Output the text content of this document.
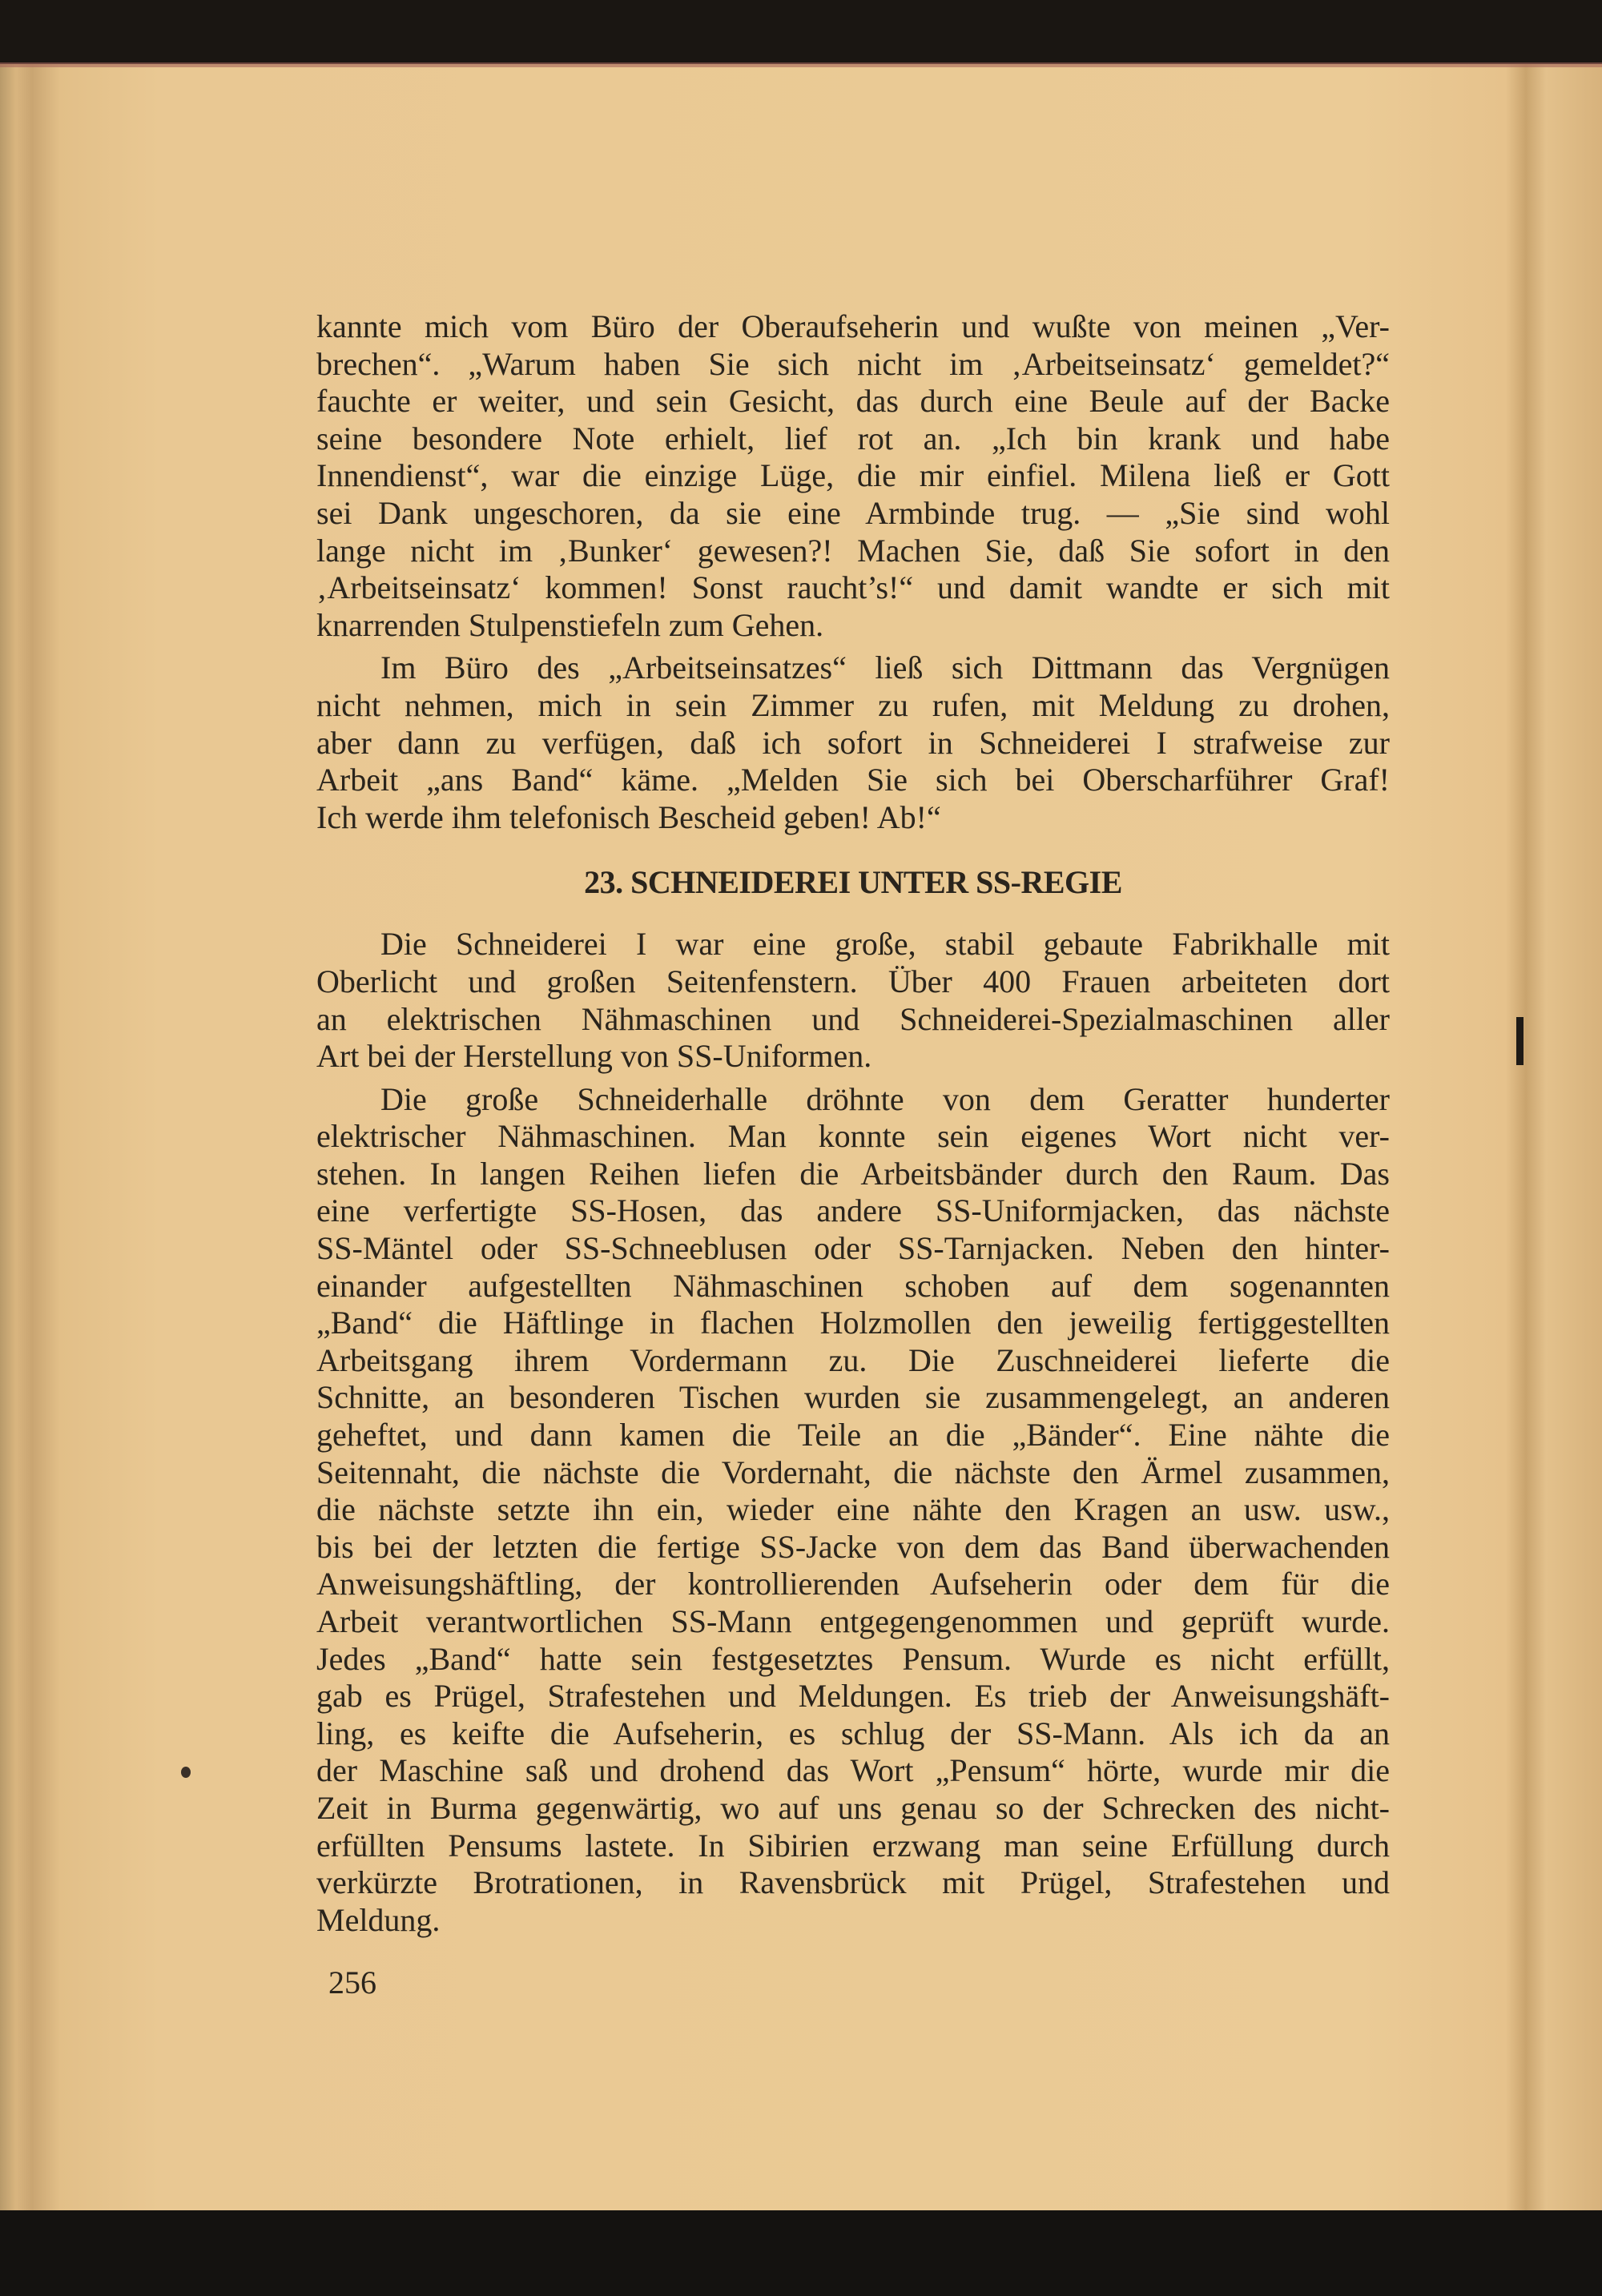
kannte mich vom Büro der Oberaufseherin und wußte von meinen „Ver-
brechen“. „Warum haben Sie sich nicht im ‚Arbeitseinsatz‘ gemeldet?“
fauchte er weiter, und sein Gesicht, das durch eine Beule auf der Backe
seine besondere Note erhielt, lief rot an. „Ich bin krank und habe
Innendienst“, war die einzige Lüge, die mir einfiel. Milena ließ er Gott
sei Dank ungeschoren, da sie eine Armbinde trug. — „Sie sind wohl
lange nicht im ‚Bunker‘ gewesen?! Machen Sie, daß Sie sofort in den
‚Arbeitseinsatz‘ kommen! Sonst raucht’s!“ und damit wandte er sich mit
knarrenden Stulpenstiefeln zum Gehen.
Im Büro des „Arbeitseinsatzes“ ließ sich Dittmann das Vergnügen
nicht nehmen, mich in sein Zimmer zu rufen, mit Meldung zu drohen,
aber dann zu verfügen, daß ich sofort in Schneiderei I strafweise zur
Arbeit „ans Band“ käme. „Melden Sie sich bei Oberscharführer Graf!
Ich werde ihm telefonisch Bescheid geben! Ab!“
23. SCHNEIDEREI UNTER SS-REGIE
Die Schneiderei I war eine große, stabil gebaute Fabrikhalle mit
Oberlicht und großen Seitenfenstern. Über 400 Frauen arbeiteten dort
an elektrischen Nähmaschinen und Schneiderei-Spezialmaschinen aller
Art bei der Herstellung von SS-Uniformen.
Die große Schneiderhalle dröhnte von dem Geratter hunderter
elektrischer Nähmaschinen. Man konnte sein eigenes Wort nicht ver-
stehen. In langen Reihen liefen die Arbeitsbänder durch den Raum. Das
eine verfertigte SS-Hosen, das andere SS-Uniformjacken, das nächste
SS-Mäntel oder SS-Schneeblusen oder SS-Tarnjacken. Neben den hinter-
einander aufgestellten Nähmaschinen schoben auf dem sogenannten
„Band“ die Häftlinge in flachen Holzmollen den jeweilig fertiggestellten
Arbeitsgang ihrem Vordermann zu. Die Zuschneiderei lieferte die
Schnitte, an besonderen Tischen wurden sie zusammengelegt, an anderen
geheftet, und dann kamen die Teile an die „Bänder“. Eine nähte die
Seitennaht, die nächste die Vordernaht, die nächste den Ärmel zusammen,
die nächste setzte ihn ein, wieder eine nähte den Kragen an usw. usw.,
bis bei der letzten die fertige SS-Jacke von dem das Band überwachenden
Anweisungshäftling, der kontrollierenden Aufseherin oder dem für die
Arbeit verantwortlichen SS-Mann entgegengenommen und geprüft wurde.
Jedes „Band“ hatte sein festgesetztes Pensum. Wurde es nicht erfüllt,
gab es Prügel, Strafestehen und Meldungen. Es trieb der Anweisungshäft-
ling, es keifte die Aufseherin, es schlug der SS-Mann. Als ich da an
der Maschine saß und drohend das Wort „Pensum“ hörte, wurde mir die
Zeit in Burma gegenwärtig, wo auf uns genau so der Schrecken des nicht-
erfüllten Pensums lastete. In Sibirien erzwang man seine Erfüllung durch
verkürzte Brotrationen, in Ravensbrück mit Prügel, Strafestehen und
Meldung.
256
